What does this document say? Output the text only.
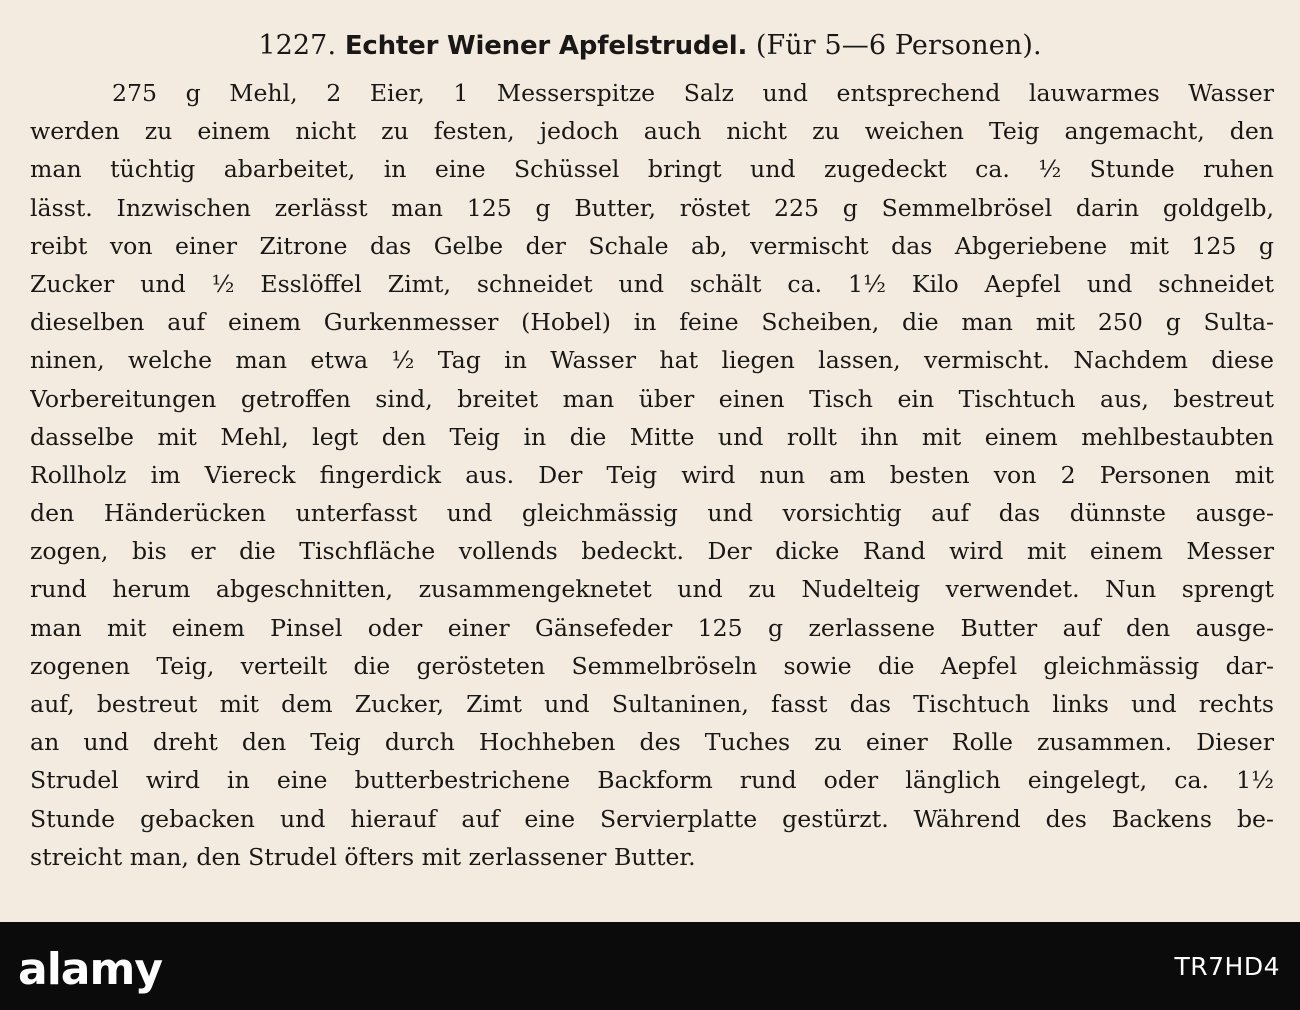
1227. Echter Wiener Apfelstrudel. (Für 5—6 Personen).
275 g Mehl, 2 Eier, 1 Messerspitze Salz und entsprechend lauwarmes Wasser
werden zu einem nicht zu festen, jedoch auch nicht zu weichen Teig angemacht, den
man tüchtig abarbeitet, in eine Schüssel bringt und zugedeckt ca. ½ Stunde ruhen
lässt. Inzwischen zerlässt man 125 g Butter, röstet 225 g Semmelbrösel darin goldgelb,
reibt von einer Zitrone das Gelbe der Schale ab, vermischt das Abgeriebene mit 125 g
Zucker und ½ Esslöffel Zimt, schneidet und schält ca. 1½ Kilo Aepfel und schneidet
dieselben auf einem Gurkenmesser (Hobel) in feine Scheiben, die man mit 250 g Sulta-
ninen, welche man etwa ½ Tag in Wasser hat liegen lassen, vermischt. Nachdem diese
Vorbereitungen getroffen sind, breitet man über einen Tisch ein Tischtuch aus, bestreut
dasselbe mit Mehl, legt den Teig in die Mitte und rollt ihn mit einem mehlbestaubten
Rollholz im Viereck fingerdick aus. Der Teig wird nun am besten von 2 Personen mit
den Händerücken unterfasst und gleichmässig und vorsichtig auf das dünnste ausge-
zogen, bis er die Tischfläche vollends bedeckt. Der dicke Rand wird mit einem Messer
rund herum abgeschnitten, zusammengeknetet und zu Nudelteig verwendet. Nun sprengt
man mit einem Pinsel oder einer Gänsefeder 125 g zerlassene Butter auf den ausge-
zogenen Teig, verteilt die gerösteten Semmelbröseln sowie die Aepfel gleichmässig dar-
auf, bestreut mit dem Zucker, Zimt und Sultaninen, fasst das Tischtuch links und rechts
an und dreht den Teig durch Hochheben des Tuches zu einer Rolle zusammen. Dieser
Strudel wird in eine butterbestrichene Backform rund oder länglich eingelegt, ca. 1½
Stunde gebacken und hierauf auf eine Servierplatte gestürzt. Während des Backens be-
streicht man, den Strudel öfters mit zerlassener Butter.
alamy	TR7HD4
